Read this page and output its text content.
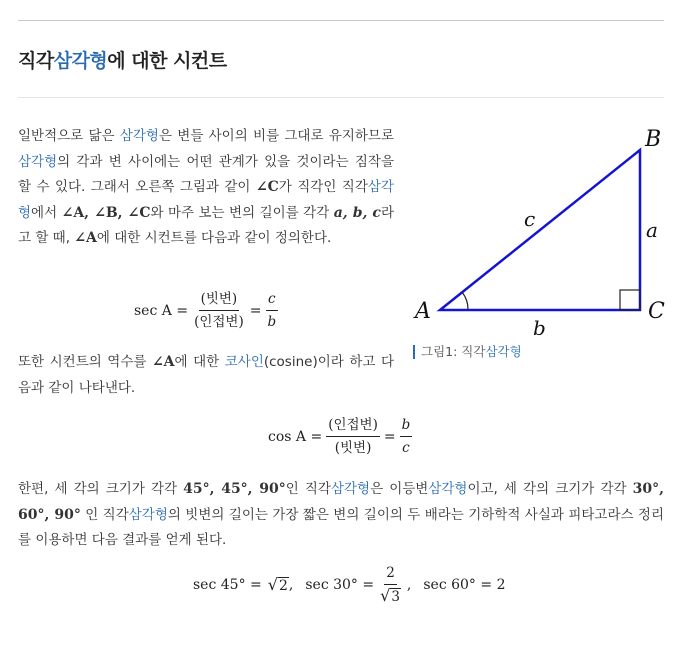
직각삼각형에 대한 시컨트
일반적으로 닮은 삼각형은 변들 사이의 비를 그대로 유지하므로 삼각형의 각과 변 사이에는 어떤 관계가 있을 것이라는 짐작을 할 수 있다. 그래서 오른쪽 그림과 같이 ∠C가 직각인 직각삼각형에서 ∠A, ∠B, ∠C와 마주 보는 변의 길이를 각각 a, b, c라고 할 때, ∠A에 대한 시컨트를 다음과 같이 정의한다.
$\sec A = \frac{\text{(빗변)}}{\text{(인접변)}} = \frac{c}{b}$
또한 시컨트의 역수를 ∠A에 대한 코사인(cosine)이라 하고 다음과 같이 나타낸다.
$\cos A = \frac{\text{(인접변)}}{\text{(빗변)}} = \frac{b}{c}$
한편, 세 각의 크기가 각각 45°, 45°, 90°인 직각삼각형은 이등변삼각형이고, 세 각의 크기가 각각 30°, 60°, 90° 인 직각삼각형의 빗변의 길이는 가장 짧은 변의 길이의 두 배라는 기하학적 사실과 피타고라스 정리를 이용하면 다음 결과를 얻게 된다.
sec 45° = √ 2 , $\sec 30^\circ = \frac{2}{√ 3}$ , sec 60° = 2
A
B
C
a
b
c
그림1: 직각삼각형
